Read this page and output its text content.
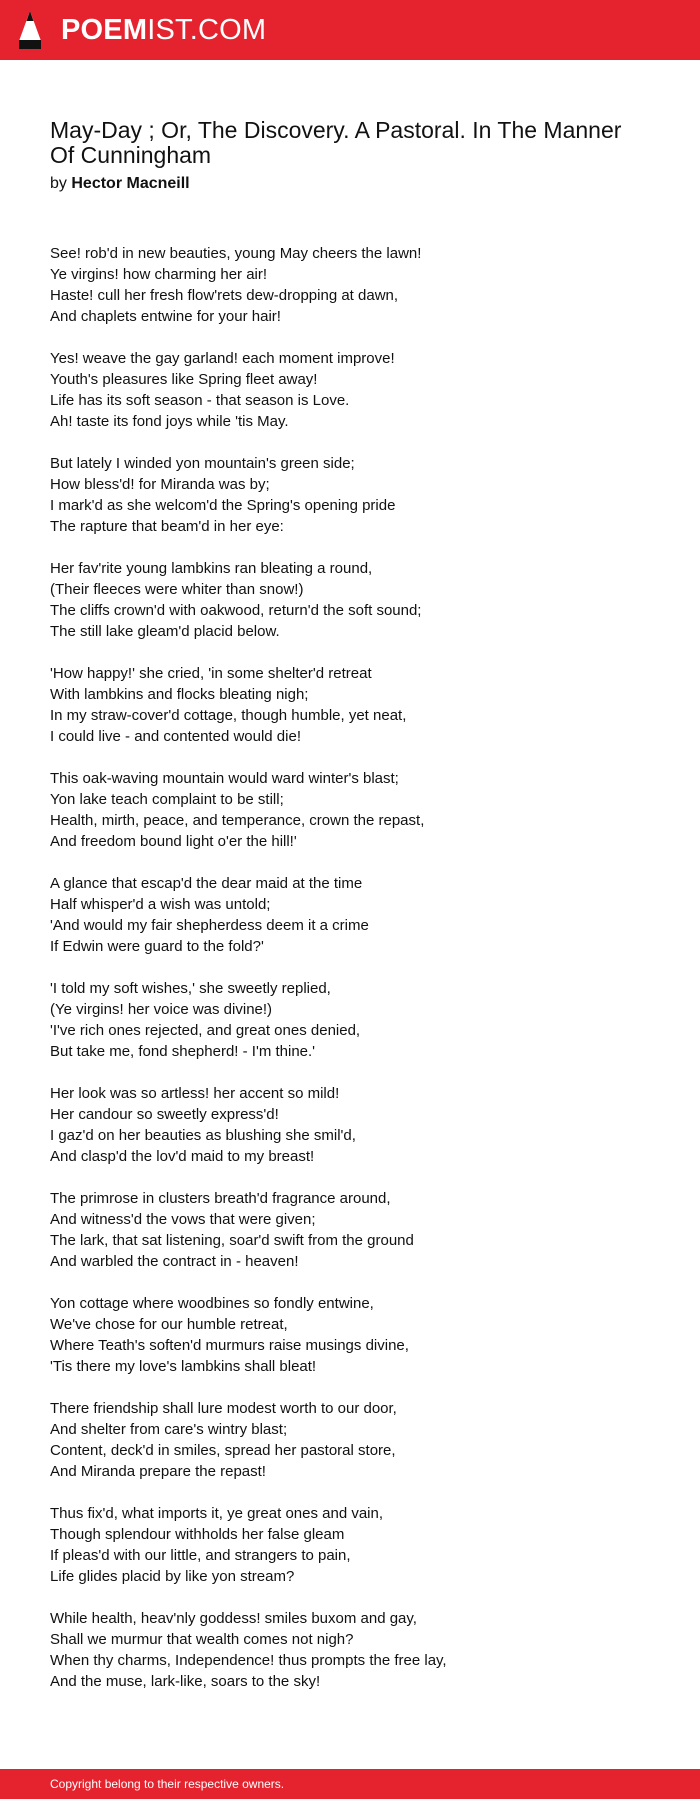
POEMIST.COM
May-Day ; Or, The Discovery. A Pastoral. In The Manner Of Cunningham
by Hector Macneill
See! rob'd in new beauties, young May cheers the lawn!
Ye virgins! how charming her air!
Haste! cull her fresh flow'rets dew-dropping at dawn,
And chaplets entwine for your hair!
Yes! weave the gay garland! each moment improve!
Youth's pleasures like Spring fleet away!
Life has its soft season - that season is Love.
Ah! taste its fond joys while 'tis May.
But lately I winded yon mountain's green side;
How bless'd! for Miranda was by;
I mark'd as she welcom'd the Spring's opening pride
The rapture that beam'd in her eye:
Her fav'rite young lambkins ran bleating a round,
(Their fleeces were whiter than snow!)
The cliffs crown'd with oakwood, return'd the soft sound;
The still lake gleam'd placid below.
'How happy!' she cried, 'in some shelter'd retreat
With lambkins and flocks bleating nigh;
In my straw-cover'd cottage, though humble, yet neat,
I could live - and contented would die!
This oak-waving mountain would ward winter's blast;
Yon lake teach complaint to be still;
Health, mirth, peace, and temperance, crown the repast,
And freedom bound light o'er the hill!'
A glance that escap'd the dear maid at the time
Half whisper'd a wish was untold;
'And would my fair shepherdess deem it a crime
If Edwin were guard to the fold?'
'I told my soft wishes,' she sweetly replied,
(Ye virgins! her voice was divine!)
'I've rich ones rejected, and great ones denied,
But take me, fond shepherd! - I'm thine.'
Her look was so artless! her accent so mild!
Her candour so sweetly express'd!
I gaz'd on her beauties as blushing she smil'd,
And clasp'd the lov'd maid to my breast!
The primrose in clusters breath'd fragrance around,
And witness'd the vows that were given;
The lark, that sat listening, soar'd swift from the ground
And warbled the contract in - heaven!
Yon cottage where woodbines so fondly entwine,
We've chose for our humble retreat,
Where Teath's soften'd murmurs raise musings divine,
'Tis there my love's lambkins shall bleat!
There friendship shall lure modest worth to our door,
And shelter from care's wintry blast;
Content, deck'd in smiles, spread her pastoral store,
And Miranda prepare the repast!
Thus fix'd, what imports it, ye great ones and vain,
Though splendour withholds her false gleam
If pleas'd with our little, and strangers to pain,
Life glides placid by like yon stream?
While health, heav'nly goddess! smiles buxom and gay,
Shall we murmur that wealth comes not nigh?
When thy charms, Independence! thus prompts the free lay,
And the muse, lark-like, soars to the sky!
Copyright belong to their respective owners.
